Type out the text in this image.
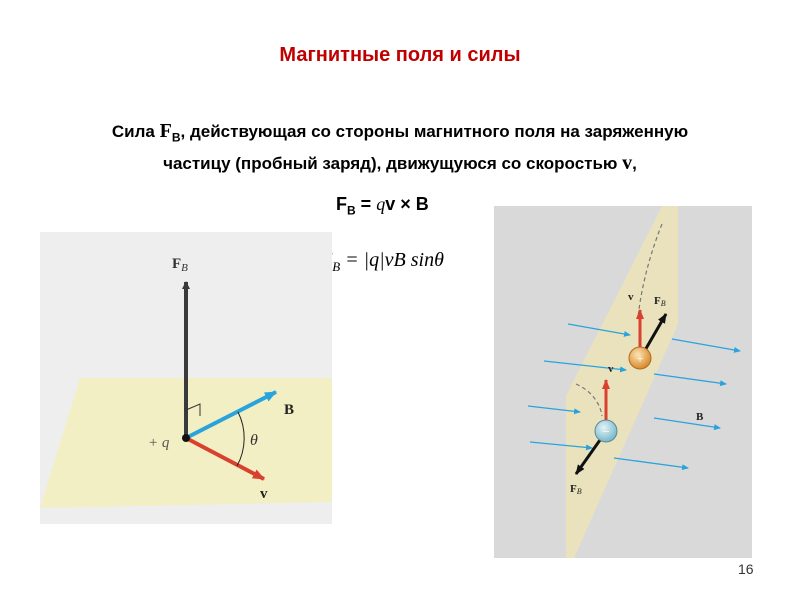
Магнитные поля и силы
Сила $F_B$, действующая со стороны магнитного поля на заряженную
частицу (пробный заряд), движущуюся со скоростью v,
$F_B$ = qv × B
$_B$ = |q|vB sinθ
$F_B$
B
v
+ q	θ
+
−
v FB
v
FB
B
16
